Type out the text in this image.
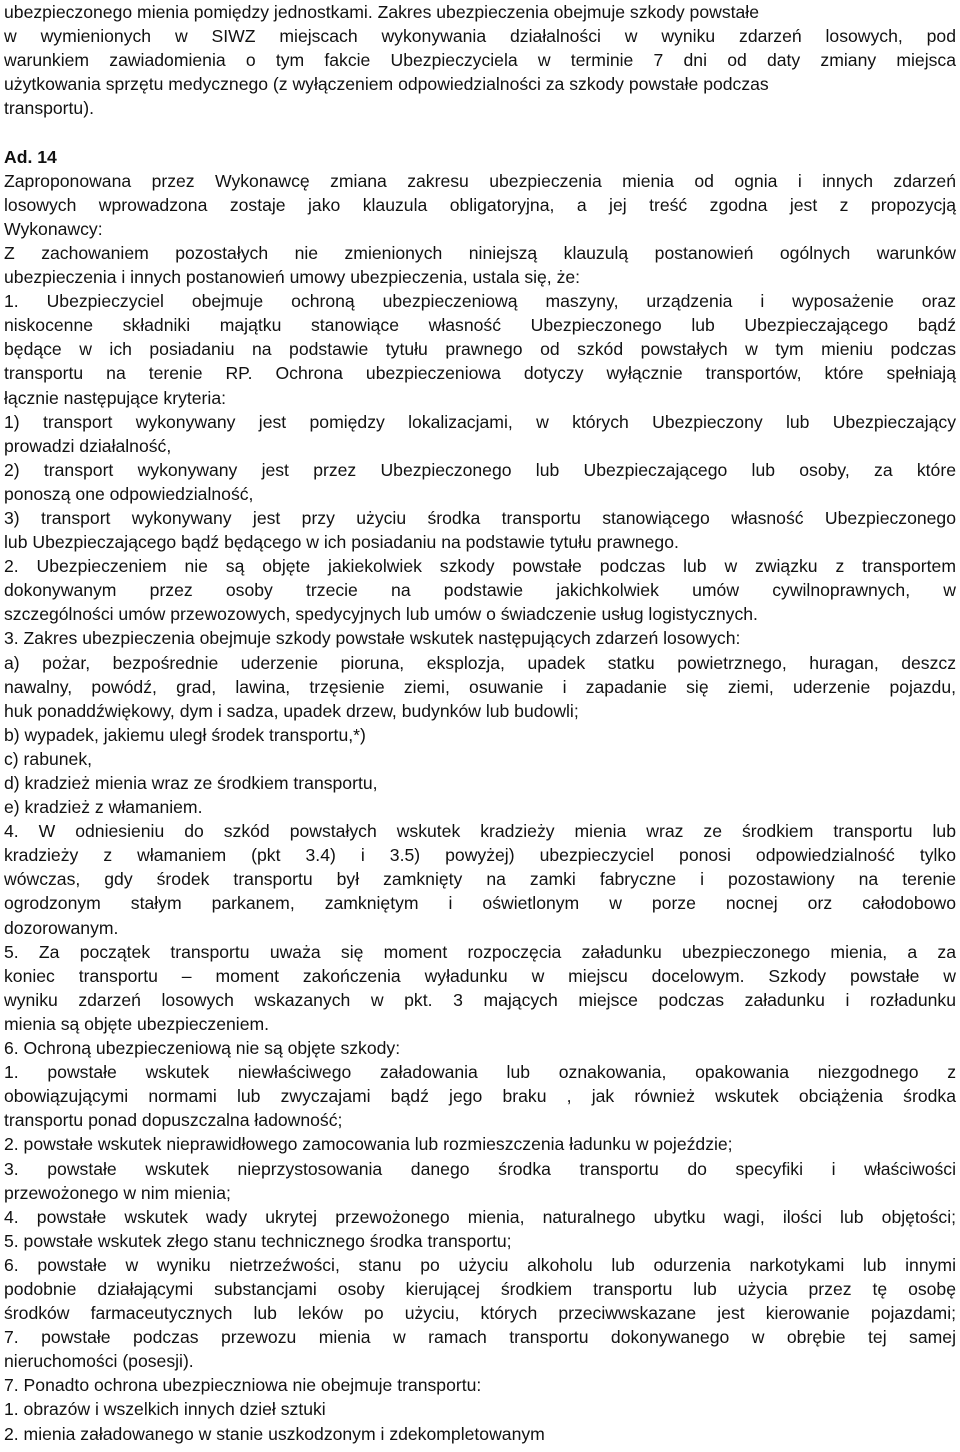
ubezpieczonego mienia pomiędzy jednostkami. Zakres ubezpieczenia obejmuje szkody powstałe
w wymienionych w SIWZ miejscach wykonywania działalności w wyniku zdarzeń losowych, pod
warunkiem zawiadomienia o tym fakcie Ubezpieczyciela w terminie 7 dni od daty zmiany miejsca
użytkowania sprzętu medycznego (z wyłączeniem odpowiedzialności za szkody powstałe podczas
transportu).
Ad. 14
Zaproponowana przez Wykonawcę zmiana zakresu ubezpieczenia mienia od ognia i innych zdarzeń
losowych wprowadzona zostaje jako klauzula obligatoryjna, a jej treść zgodna jest z propozycją
Wykonawcy:
Z zachowaniem pozostałych nie zmienionych niniejszą klauzulą postanowień ogólnych warunków
ubezpieczenia i innych postanowień umowy ubezpieczenia, ustala się, że:
1. Ubezpieczyciel obejmuje ochroną ubezpieczeniową maszyny, urządzenia i wyposażenie oraz
niskocenne składniki majątku stanowiące własność Ubezpieczonego lub Ubezpieczającego bądź
będące w ich posiadaniu na podstawie tytułu prawnego od szkód powstałych w tym mieniu podczas
transportu na terenie RP. Ochrona ubezpieczeniowa dotyczy wyłącznie transportów, które spełniają
łącznie następujące kryteria:
1) transport wykonywany jest pomiędzy lokalizacjami, w których Ubezpieczony lub Ubezpieczający
prowadzi działalność,
2) transport wykonywany jest przez Ubezpieczonego lub Ubezpieczającego lub osoby, za które
ponoszą one odpowiedzialność,
3) transport wykonywany jest przy użyciu środka transportu stanowiącego własność Ubezpieczonego
lub Ubezpieczającego bądź będącego w ich posiadaniu na podstawie tytułu prawnego.
2. Ubezpieczeniem nie są objęte jakiekolwiek szkody powstałe podczas lub w związku z transportem
dokonywanym przez osoby trzecie na podstawie jakichkolwiek umów cywilnoprawnych, w
szczególności umów przewozowych, spedycyjnych lub umów o świadczenie usług logistycznych.
3. Zakres ubezpieczenia obejmuje szkody powstałe wskutek następujących zdarzeń losowych:
a) pożar, bezpośrednie uderzenie pioruna, eksplozja, upadek statku powietrznego, huragan, deszcz
nawalny, powódź, grad, lawina, trzęsienie ziemi, osuwanie i zapadanie się ziemi, uderzenie pojazdu,
huk ponaddźwiękowy, dym i sadza, upadek drzew, budynków lub budowli;
b) wypadek, jakiemu uległ środek transportu,*)
c) rabunek,
d) kradzież mienia wraz ze środkiem transportu,
e) kradzież z włamaniem.
4. W odniesieniu do szkód powstałych wskutek kradzieży mienia wraz ze środkiem transportu lub
kradzieży z włamaniem (pkt 3.4) i 3.5) powyżej) ubezpieczyciel ponosi odpowiedzialność tylko
wówczas, gdy środek transportu był zamknięty na zamki fabryczne i pozostawiony na terenie
ogrodzonym stałym parkanem, zamkniętym i oświetlonym w porze nocnej orz całodobowo
dozorowanym.
5. Za początek transportu uważa się moment rozpoczęcia załadunku ubezpieczonego mienia, a za
koniec transportu – moment zakończenia wyładunku w miejscu docelowym. Szkody powstałe w
wyniku zdarzeń losowych wskazanych w pkt. 3 mających miejsce podczas załadunku i rozładunku
mienia są objęte ubezpieczeniem.
6. Ochroną ubezpieczeniową nie są objęte szkody:
1. powstałe wskutek niewłaściwego załadowania lub oznakowania, opakowania niezgodnego z
obowiązującymi normami lub zwyczajami bądź jego braku , jak również wskutek obciążenia środka
transportu ponad dopuszczalna ładowność;
2. powstałe wskutek nieprawidłowego zamocowania lub rozmieszczenia ładunku w pojeździe;
3. powstałe wskutek nieprzystosowania danego środka transportu do specyfiki i właściwości
przewożonego w nim mienia;
4. powstałe wskutek wady ukrytej przewożonego mienia, naturalnego ubytku wagi, ilości lub objętości;
5. powstałe wskutek złego stanu technicznego środka transportu;
6. powstałe w wyniku nietrzeźwości, stanu po użyciu alkoholu lub odurzenia narkotykami lub innymi
podobnie działającymi substancjami osoby kierującej środkiem transportu lub użycia przez tę osobę
środków farmaceutycznych lub leków po użyciu, których przeciwwskazane jest kierowanie pojazdami;
7. powstałe podczas przewozu mienia w ramach transportu dokonywanego w obrębie tej samej
nieruchomości (posesji).
7. Ponadto ochrona ubezpieczniowa nie obejmuje transportu:
1. obrazów i wszelkich innych dzieł sztuki
2. mienia załadowanego w stanie uszkodzonym i zdekompletowanym
